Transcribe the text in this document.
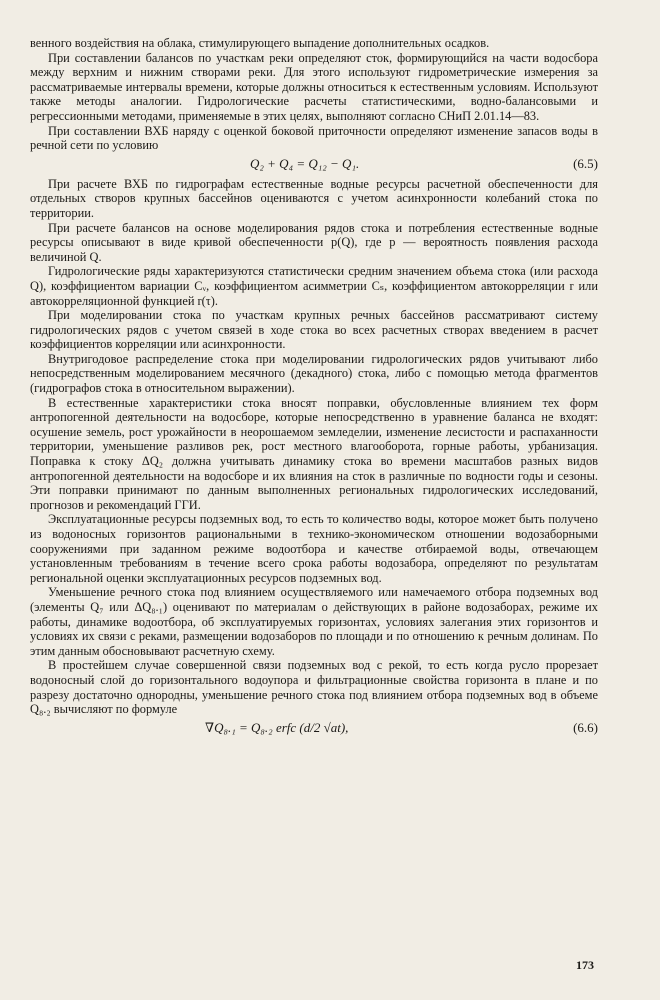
венного воздействия на облака, стимулирующего выпадение дополнительных осадков.

При составлении балансов по участкам реки определяют сток, формирующийся на части водосбора между верхним и нижним створами реки. Для этого используют гидрометрические измерения за рассматриваемые интервалы времени, которые должны относиться к естественным условиям. Используют также методы аналогии. Гидрологические расчеты статистическими, водно-балансовыми и регрессионными методами, применяемые в этих целях, выполняют согласно СНиП 2.01.14—83.

При составлении ВХБ наряду с оценкой боковой приточности определяют изменение запасов воды в речной сети по условию

Q₂ + Q₄ = Q₁₂ − Q₁.	(6.5)

При расчете ВХБ по гидрографам естественные водные ресурсы расчетной обеспеченности для отдельных створов крупных бассейнов оцениваются с учетом асинхронности колебаний стока по территории.

При расчете балансов на основе моделирования рядов стока и потребления естественные водные ресурсы описывают в виде кривой обеспеченности p(Q), где p — вероятность появления расхода величиной Q.

Гидрологические ряды характеризуются статистически средним значением объема стока (или расхода Q), коэффициентом вариации Cᵥ, коэффициентом асимметрии Cₛ, коэффициентом автокорреляции r или автокорреляционной функцией r(τ).

При моделировании стока по участкам крупных речных бассейнов рассматривают систему гидрологических рядов с учетом связей в ходе стока во всех расчетных створах введением в расчет коэффициентов корреляции или асинхронности.

Внутригодовое распределение стока при моделировании гидрологических рядов учитывают либо непосредственным моделированием месячного (декадного) стока, либо с помощью метода фрагментов (гидрографов стока в относительном выражении).

В естественные характеристики стока вносят поправки, обусловленные влиянием тех форм антропогенной деятельности на водосборе, которые непосредственно в уравнение баланса не входят: осушение земель, рост урожайности в неорошаемом земледелии, изменение лесистости и распаханности территории, уменьшение разливов рек, рост местного влагооборота, горные работы, урбанизация. Поправка к стоку ΔQ₂ должна учитывать динамику стока во времени масштабов разных видов антропогенной деятельности на водосборе и их влияния на сток в различные по водности годы и сезоны. Эти поправки принимают по данным выполненных региональных гидрологических исследований, прогнозов и рекомендаций ГГИ.

Эксплуатационные ресурсы подземных вод, то есть то количество воды, которое может быть получено из водоносных горизонтов рациональными в технико-экономическом отношении водозаборными сооружениями при заданном режиме водоотбора и качестве отбираемой воды, отвечающем установленным требованиям в течение всего срока работы водозабора, определяют по результатам региональной оценки эксплуатационных ресурсов подземных вод.

Уменьшение речного стока под влиянием осуществляемого или намечаемого отбора подземных вод (элементы Q₇ или ΔQ₈.₁) оценивают по материалам о действующих в районе водозаборах, режиме их работы, динамике водоотбора, об эксплуатируемых горизонтах, условиях залегания этих горизонтов и условиях их связи с реками, размещении водозаборов по площади и по отношению к речным долинам. По этим данным обосновывают расчетную схему.

В простейшем случае совершенной связи подземных вод с рекой, то есть когда русло прорезает водоносный слой до горизонтального водоупора и фильтрационные свойства горизонта в плане и по разрезу достаточно однородны, уменьшение речного стока под влиянием отбора подземных вод в объеме Q₈.₂ вычисляют по формуле

∇Q₈.₁ = Q₈.₂ erfc (d/2 √at),	(6.6)
173
